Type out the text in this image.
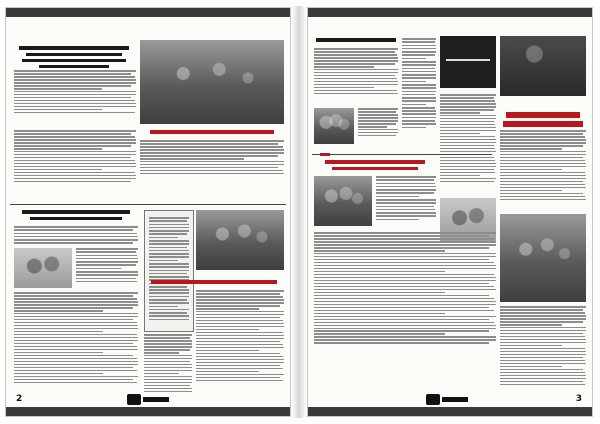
2	3
